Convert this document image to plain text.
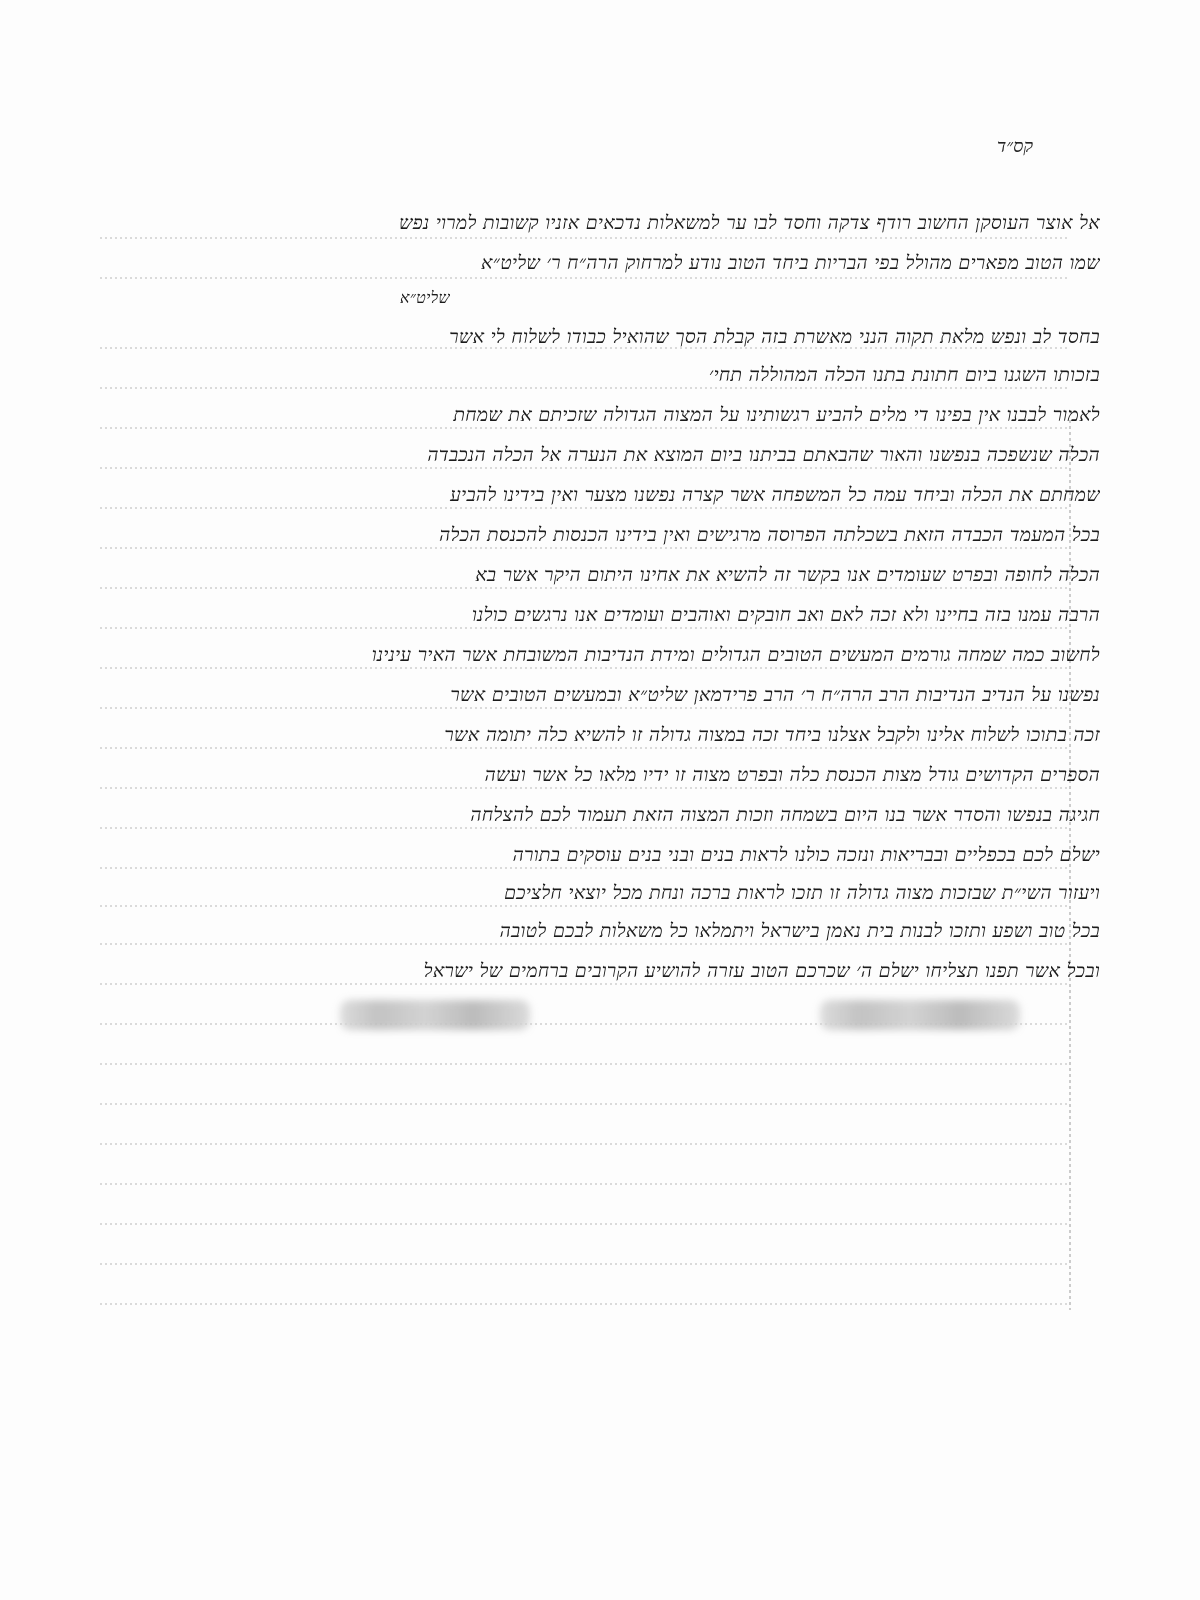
קס״ד
אל אוצר העוסקן החשוב רודף צדקה וחסד לבו ער למשאלות נדכאים אזניו קשובות למרוי נפש
שמו הטוב מפארים מהולל בפי הבריות ביחד הטוב נודע למרחוק הרה״ח ר׳ שליט״א
שליט״א
בחסד לב ונפש מלאת תקוה הנני מאשרת בזה קבלת הסך שהואיל כבודו לשלוח לי אשר
בזכותו השגנו ביום חתונת בתנו הכלה המהוללה תחי׳
לאמור לבבנו אין בפינו די מלים להביע רגשותינו על המצוה הגדולה שזכיתם את שמחת
הכלה שנשפכה בנפשנו והאור שהבאתם בביתנו ביום המוצא את הנערה אל הכלה הנכבדה
שמחתם את הכלה וביחד עמה כל המשפחה אשר קצרה נפשנו מצער ואין בידינו להביע
בכל המעמד הכבדה הזאת בשכלתה הפרוסה מרגישים ואין בידינו הכנסות להכנסת הכלה
הכלה לחופה ובפרט שעומדים אנו בקשר זה להשיא את אחינו היתום היקר אשר בא
הרבה עמנו בזה בחיינו ולא זכה לאם ואב חובקים ואוהבים ועומדים אנו נרגשים כולנו
לחשוב כמה שמחה גורמים המעשים הטובים הגדולים ומידת הנדיבות המשובחת אשר האיר עינינו
נפשנו על הנדיב הנדיבות הרב הרה״ח ר׳ הרב פרידמאן שליט״א ובמעשים הטובים אשר
זכה בתוכו לשלוח אלינו ולקבל אצלנו ביחד זכה במצוה גדולה זו להשיא כלה יתומה אשר
הספרים הקדושים גודל מצות הכנסת כלה ובפרט מצוה זו ידיו מלאו כל אשר ועשה
חגיגה בנפשו והסדר אשר בנו היום בשמחה וזכות המצוה הזאת תעמוד לכם להצלחה
ישלם לכם בכפליים ובבריאות ונזכה כולנו לראות בנים ובני בנים עוסקים בתורה
ויעזור השי״ת שבזכות מצוה גדולה זו תזכו לראות ברכה ונחת מכל יוצאי חלציכם
בכל טוב ושפע ותזכו לבנות בית נאמן בישראל ויתמלאו כל משאלות לבכם לטובה
ובכל אשר תפנו תצליחו ישלם ה׳ שכרכם הטוב עזרה להושיע הקרובים ברחמים של ישראל
